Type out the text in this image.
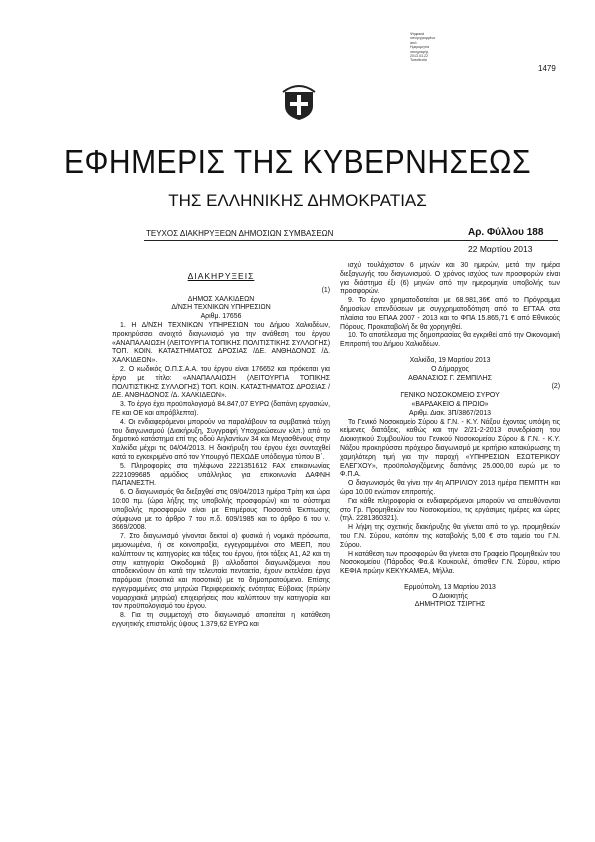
Ψηφιακά
υπογεγραμμένο
από
Ημερομηνία
υπογραφής
2013.03.22
Τοποθεσία
1479
ΕΦΗΜΕΡΙΣ ΤΗΣ ΚΥΒΕΡΝΗΣΕΩΣ
ΤΗΣ ΕΛΛΗΝΙΚΗΣ ΔΗΜΟΚΡΑΤΙΑΣ
ΤΕΥΧΟΣ ΔΙΑΚΗΡΥΞΕΩΝ ΔΗΜΟΣΙΩΝ ΣΥΜΒΑΣΕΩΝ	Αρ. Φύλλου 188
22 Μαρτίου 2013
ΔΙΑΚΗΡΥΞΕΙΣ

(1)

ΔΗΜΟΣ ΧΑΛΚΙΔΕΩΝ

Δ/ΝΣΗ ΤΕΧΝΙΚΩΝ ΥΠΗΡΕΣΙΩΝ

Αριθμ. 17656

1. Η Δ/ΝΣΗ ΤΕΧΝΙΚΩΝ ΥΠΗΡΕΣΙΩΝ του Δήμου Χαλκιδέων, προκηρύσσει ανοιχτό διαγωνισμό για την ανάθεση του έργου «ΑΝΑΠΑΛΑΙΩΣΗ (ΛΕΙΤΟΥΡΓΙΑ ΤΟΠΙΚΗΣ ΠΟΛΙΤΙΣΤΙΚΗΣ ΣΥΛΛΟΓΗΣ) ΤΟΠ. ΚΟΙΝ. ΚΑΤΑΣΤΗΜΑΤΟΣ ΔΡΟΣΙΑΣ /ΔΕ. ΑΝΘΗΔΟΝΟΣ /Δ. ΧΑΛΚΙΔΕΩΝ».

2. Ο κωδικός Ο.Π.Σ.Α.Α. του έργου είναι 176652 και πρόκειται για έργο με τίτλο: «ΑΝΑΠΑΛΑΙΩΣΗ (ΛΕΙΤΟΥΡΓΙΑ ΤΟΠΙΚΗΣ ΠΟΛΙΤΙΣΤΙΚΗΣ ΣΥΛΛΟΓΗΣ) ΤΟΠ. ΚΟΙΝ. ΚΑΤΑΣΤΗΜΑΤΟΣ ΔΡΟΣΙΑΣ /ΔΕ. ΑΝΘΗΔΟΝΟΣ /Δ. ΧΑΛΚΙΔΕΩΝ».

3. Το έργο έχει προϋπολογισμό 84.847,07 ΕΥΡΩ (δαπάνη εργασιών, ΓΕ και ΟΕ και απρόβλεπτα).

4. Οι ενδιαφερόμενοι μπορούν να παραλάβουν τα συμβατικά τεύχη του διαγωνισμού (Διακήρυξη, Συγγραφή Υποχρεώσεων κλπ.) από το δημοτικό κατάστημα επί της οδού Αηλαντίων 34 και Μεγασθένους στην Χαλκίδα μέχρι τις 04/04/2013. Η διακήρυξη του έργου έχει συνταχθεί κατά το εγκεκριμένο από τον Υπουργό ΠΕΧΩΔΕ υπόδειγμα τύπου Β΄.

5. Πληροφορίες στα τηλέφωνα 2221351612 FAX επικοινωνίας 2221099685 αρμόδιος υπάλληλος για επικοινωνία ΔΑΦΝΗ ΠΑΠΑΝΕΣΤΗ.

6. Ο διαγωνισμός θα διεξαχθεί στις 09/04/2013 ημέρα Τρίτη και ώρα 10:00 πμ. (ώρα λήξης της υποβολής προσφορών) και το σύστημα υποβολής προσφορών είναι με Επιμέρους Ποσοστά Έκπτωσης σύμφωνα με το άρθρο 7 του π.δ. 609/1985 και το άρθρο 6 του ν. 3669/2008.

7. Στο διαγωνισμό γίνονται δεκτοί α) φυσικά ή νομικά πρόσωπα, μεμονωμένα, ή σε κοινοπραξία, εγγεγραμμένοι στο ΜΕΕΠ, που καλύπτουν τις κατηγορίες και τάξεις του έργου, ήτοι τάξεις Α1, Α2 και τη στην κατηγορία Οικοδομικά β) αλλοδαποί διαγωνιζόμενοι που αποδεικνύουν ότι κατά την τελευταία πενταετία, έχουν εκτελέσει έργα παρόμοια (ποιοτικά και ποσοτικά) με το δημοπρατούμενο. Επίσης εγγεγραμμένες στα μητρώα Περιφερειακής ενότητας Εύβοιας (πρώην νομαρχιακά μητρώα) επιχειρήσεις που καλύπτουν την κατηγορία και τον προϋπολογισμό του έργου.

8. Για τη συμμετοχή στο διαγωνισμό απαιτείται η κατάθεση εγγυητικής επιστολής ύψους 1.379,62 ΕΥΡΩ και

ισχύ τουλάχιστον 6 μηνών και 30 ημερών, μετά την ημέρα διεξαγωγής του διαγωνισμού. Ο χρόνος ισχύος των προσφορών είναι για διάστημα έξι (6) μηνών από την ημερομηνία υποβολής των προσφορών.

9. Το έργο χρηματοδοτείται με 68.981,36€ από το Πρόγραμμα δημοσίων επενδύσεων με συγχρηματοδότηση από το ΕΓΤΑΑ στα πλαίσια του ΕΠΑΑ 2007 - 2013 και το ΦΠΑ 15.865,71 € από Εθνικούς Πόρους. Προκαταβολή δε θα χορηγηθεί.

10. Το αποτέλεσμα της δημοπρασίας θα εγκριθεί από την Οικονομική Επιτροπή του Δήμου Χαλκιδέων.

Χαλκίδα, 19 Μαρτίου 2013

Ο Δήμαρχος

ΑΘΑΝΑΣΙΟΣ Γ. ΖΕΜΠΙΛΗΣ

(2)

ΓΕΝΙΚΟ ΝΟΣΟΚΟΜΕΙΟ ΣΥΡΟΥ

«ΒΑΡΔΑΚΕΙΟ & ΠΡΩΙΟ»

Αριθμ. Διακ. 3Π/3867/2013

Το Γενικό Νοσοκομείο Σύρου & Γ.Ν. - Κ.Υ. Νάξου έχοντας υπόψη τις κείμενες διατάξεις, καθώς και την 2/21-2-2013 συνεδρίαση του Διοικητικού Συμβουλίου του Γενικού Νοσοκομείου Σύρου & Γ.Ν. - Κ.Υ. Νάξου προκηρύσσει πρόχειρο διαγωνισμό με κριτήριο κατακύρωσης τη χαμηλότερη τιμή για την παροχή «ΥΠΗΡΕΣΙΩΝ ΕΣΩΤΕΡΙΚΟΥ ΕΛΕΓΧΟΥ», προϋπολογιζόμενης δαπάνης 25.000,00 ευρώ με το Φ.Π.Α.

Ο διαγωνισμός θα γίνει την 4η ΑΠΡΙΛΙΟΥ 2013 ημέρα ΠΕΜΠΤΗ και ώρα 10.00 ενώπιον επιτροπής.

Για κάθε πληροφορία οι ενδιαφερόμενοι μπορούν να απευθύνονται στο Γρ. Προμηθειών του Νοσοκομείου, τις εργάσιμες ημέρες και ώρες (τηλ. 2281360321).

Η λήψη της σχετικής διακήρυξης θα γίνεται από το γρ. προμηθειών του Γ.Ν. Σύρου, κατόπιν της καταβολής 5,00 € στο ταμείο του Γ.Ν. Σύρου.

Η κατάθεση των προσφορών θα γίνεται στο Γραφείο Προμηθειών του Νοσοκομείου (Πάροδος Φα.& Κουκουλέ, όπισθεν Γ.Ν. Σύρου, κτίριο ΚΕΦΙΑ πρώην ΚΕΚΥΚΑΜΕΑ, Μήλλα.

Ερμούπολη, 13 Μαρτίου 2013

Ο Διοικητής

ΔΗΜΗΤΡΙΟΣ ΤΣΙΡΓΗΣ
